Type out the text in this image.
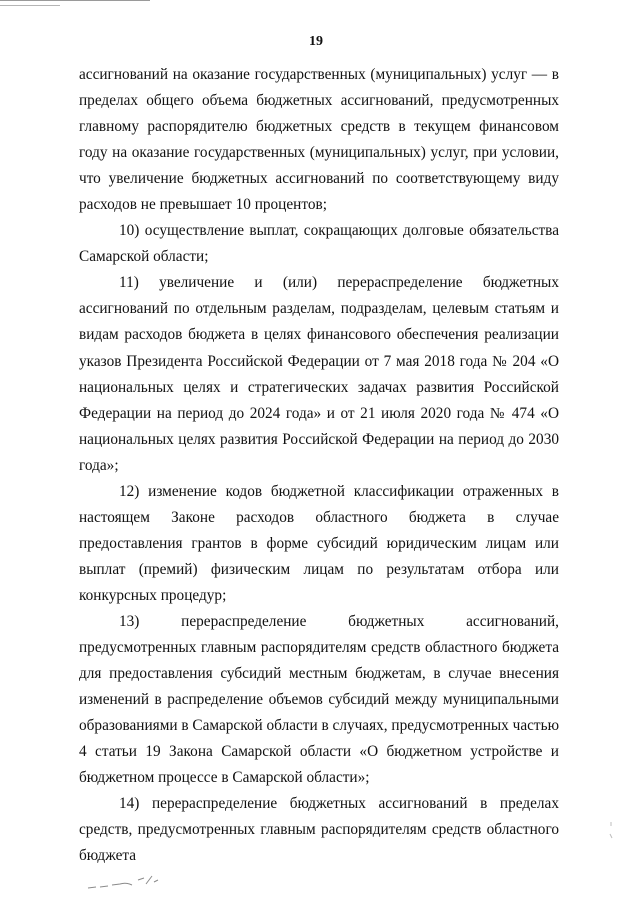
19

ассигнований на оказание государственных (муниципальных) услуг — в пределах общего объема бюджетных ассигнований, предусмотренных главному распорядителю бюджетных средств в текущем финансовом году на оказание государственных (муниципальных) услуг, при условии, что увеличение бюджетных ассигнований по соответствующему виду расходов не превышает 10 процентов;

10) осуществление выплат, сокращающих долговые обязательства Самарской области;

11) увеличение и (или) перераспределение бюджетных ассигнований по отдельным разделам, подразделам, целевым статьям и видам расходов бюджета в целях финансового обеспечения реализации указов Президента Российской Федерации от 7 мая 2018 года № 204 «О национальных целях и стратегических задачах развития Российской Федерации на период до 2024 года» и от 21 июля 2020 года № 474 «О национальных целях развития Российской Федерации на период до 2030 года»;

12) изменение кодов бюджетной классификации отраженных в настоящем Законе расходов областного бюджета в случае предоставления грантов в форме субсидий юридическим лицам или выплат (премий) физическим лицам по результатам отбора или конкурсных процедур;

13) перераспределение бюджетных ассигнований, предусмотренных главным распорядителям средств областного бюджета для предоставления субсидий местным бюджетам, в случае внесения изменений в распределение объемов субсидий между муниципальными образованиями в Самарской области в случаях, предусмотренных частью 4 статьи 19 Закона Самарской области «О бюджетном устройстве и бюджетном процессе в Самарской области»;

14) перераспределение бюджетных ассигнований в пределах средств, предусмотренных главным распорядителям средств областного бюджета
